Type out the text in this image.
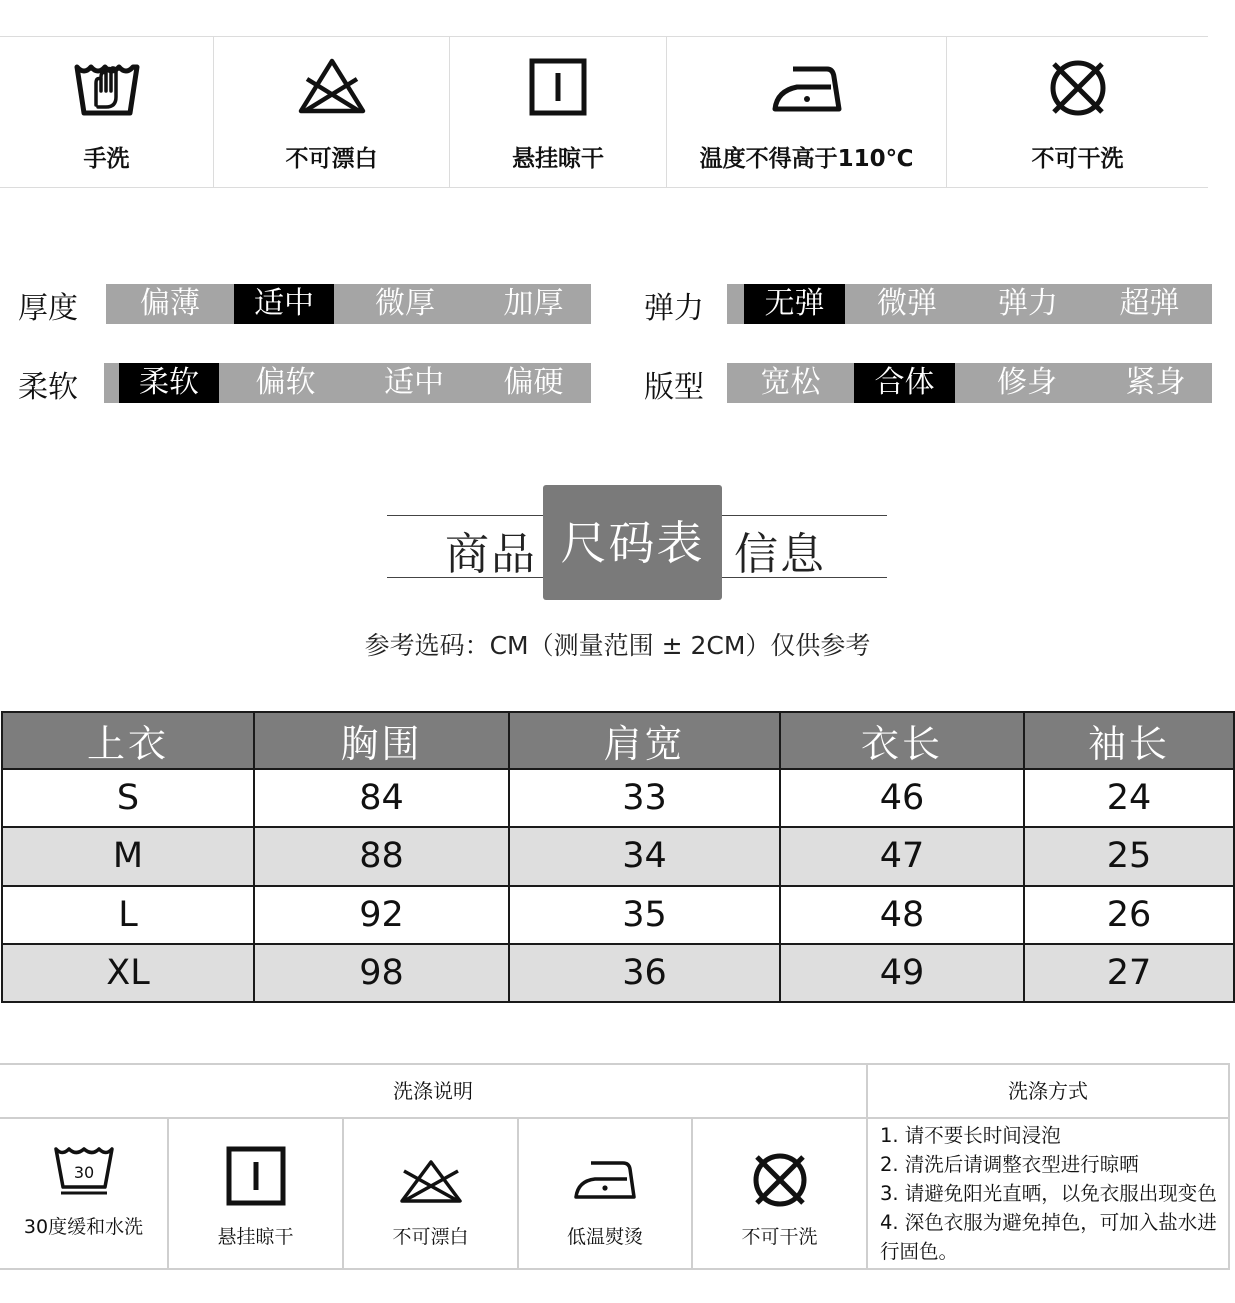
手洗	不可漂白	悬挂晾干	温度不得高于110℃	不可干洗
厚度	偏薄	适中	微厚	加厚	弹力	无弹	微弹	弹力	超弹
柔软	柔软	偏软	适中	偏硬	版型	宽松	合体	修身	紧身
商品 尺码表 信息
参考选码：CM（测量范围 ± 2CM）仅供参考
上衣	胸围	肩宽	衣长	袖长
S	84	33	46	24
M	88	34	47	25
L	92	35	48	26
XL	98	36	49	27
洗涤说明	洗涤方式
30
30度缓和水洗	悬挂晾干	不可漂白	低温熨烫	不可干洗
1. 请不要长时间浸泡
2. 清洗后请调整衣型进行晾晒
3. 请避免阳光直晒，以免衣服出现变色
4. 深色衣服为避免掉色，可加入盐水进
行固色。
